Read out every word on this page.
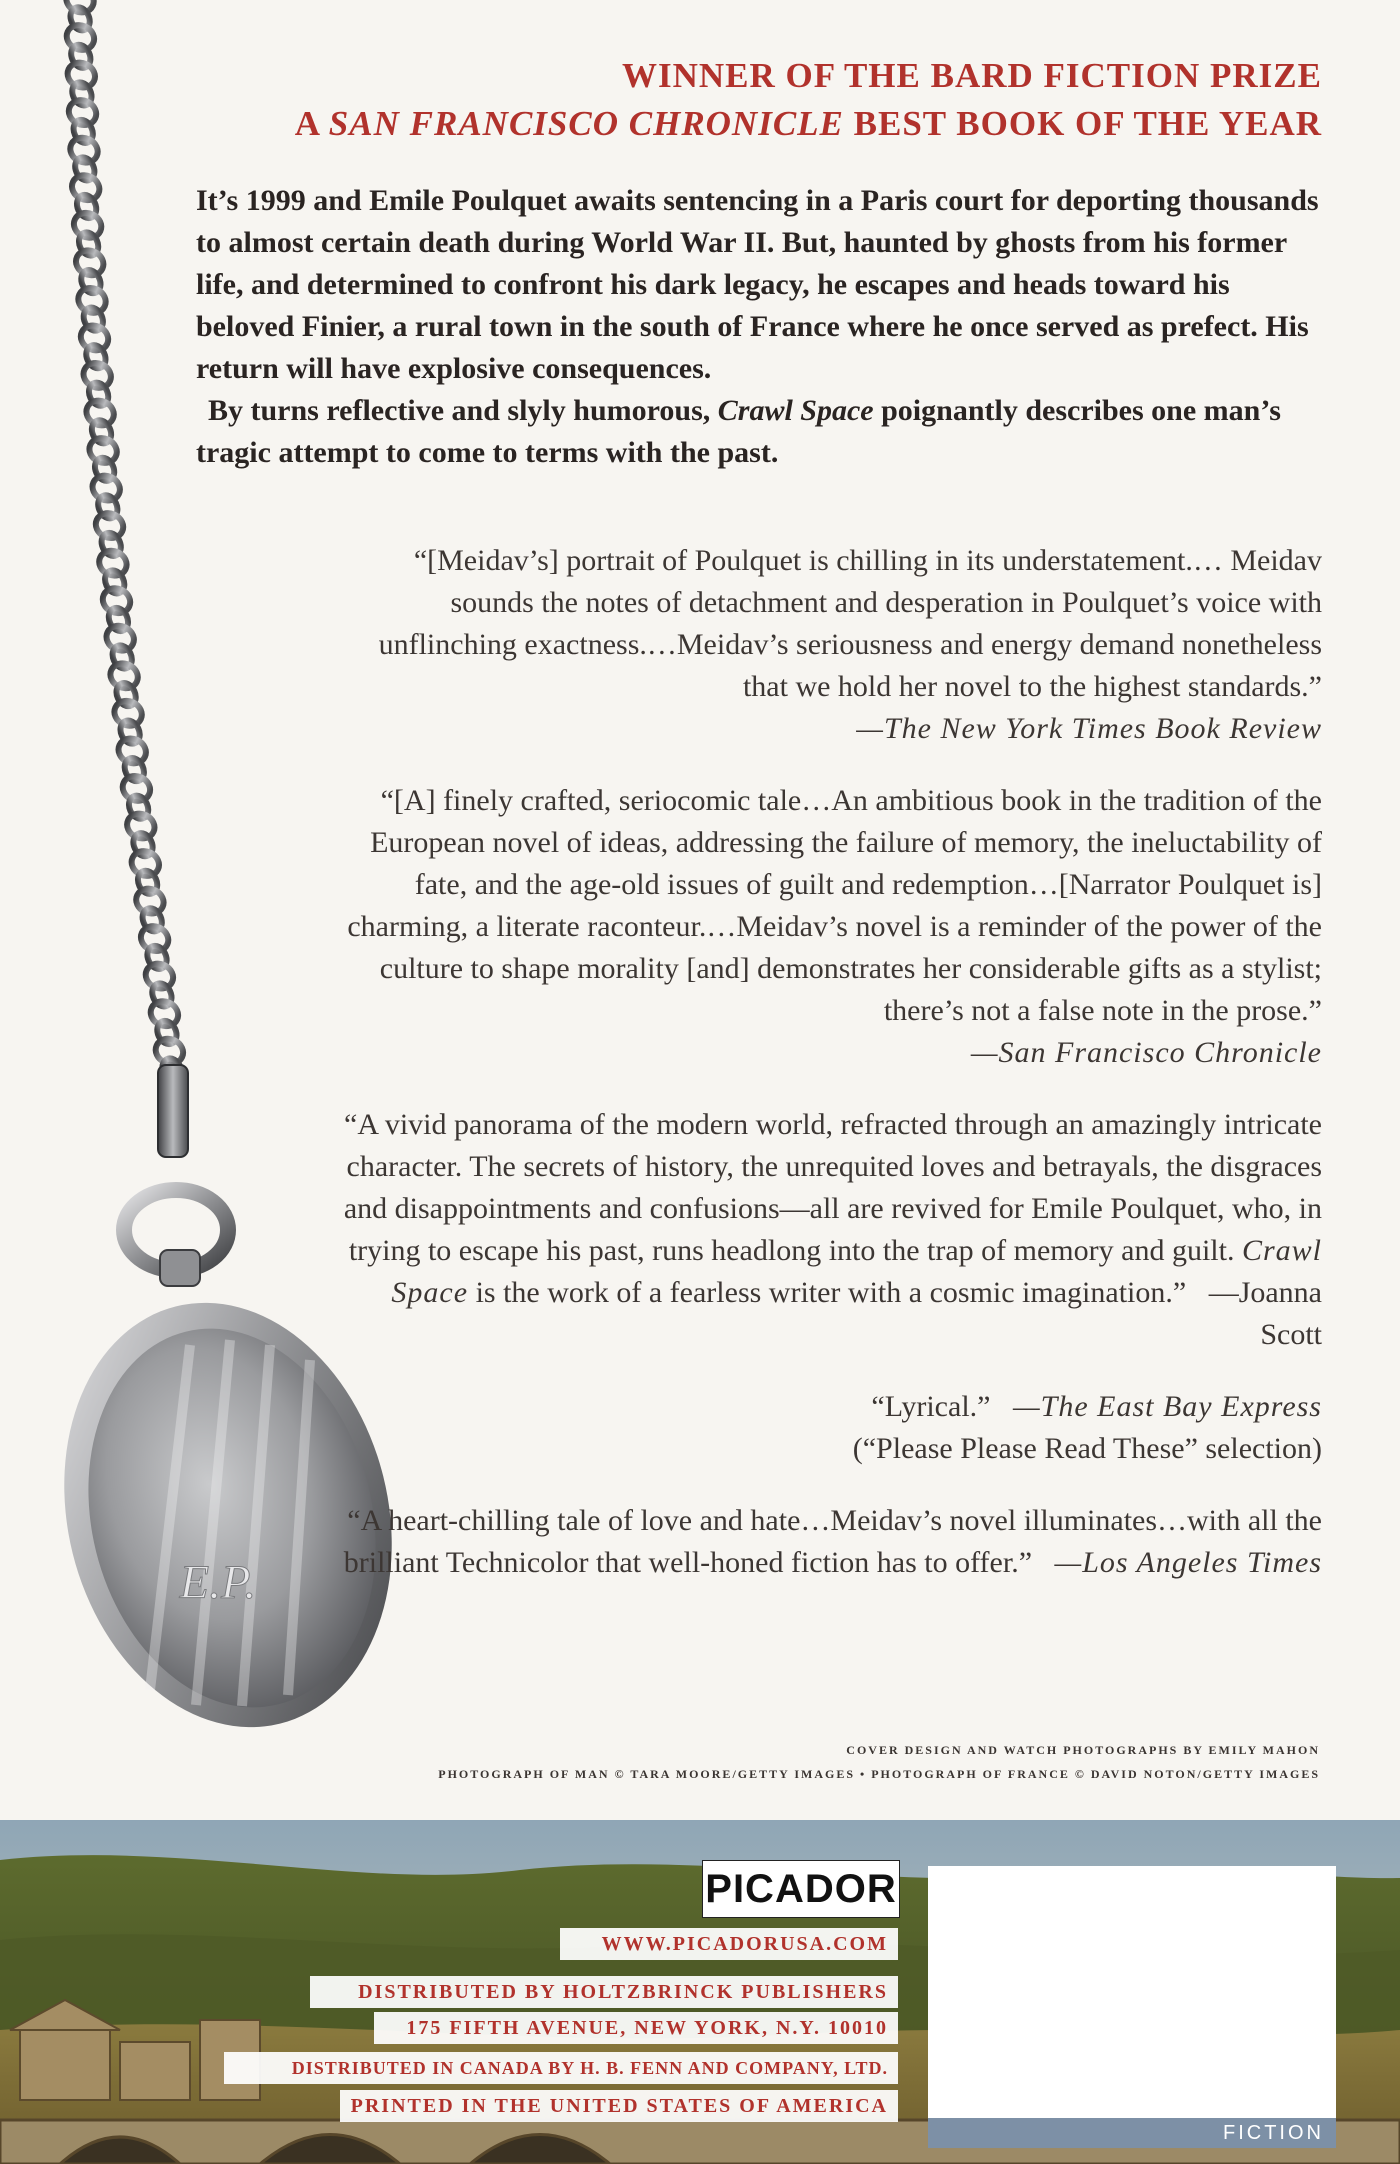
E.P.
WINNER OF THE BARD FICTION PRIZE
A SAN FRANCISCO CHRONICLE BEST BOOK OF THE YEAR

It’s 1999 and Emile Poulquet awaits sentencing in a Paris court for deporting thousands to almost certain death during World War II. But, haunted by ghosts from his former life, and determined to confront his dark legacy, he escapes and heads toward his beloved Finier, a rural town in the south of France where he once served as prefect. His return will have explosive consequences.

By turns reflective and slyly humorous, Crawl Space poignantly describes one man’s tragic attempt to come to terms with the past.

“[Meidav’s] portrait of Poulquet is chilling in its understatement.… Meidav sounds the notes of detachment and desperation in Poulquet’s voice with unflinching exactness.…Meidav’s seriousness and energy demand nonetheless that we hold her novel to the highest standards.”

—The New York Times Book Review

“[A] finely crafted, seriocomic tale…An ambitious book in the tradition of the European novel of ideas, addressing the failure of memory, the ineluctability of fate, and the age-old issues of guilt and redemption…[Narrator Poulquet is] charming, a literate raconteur.…Meidav’s novel is a reminder of the power of the culture to shape morality [and] demonstrates her considerable gifts as a stylist; there’s not a false note in the prose.”

—San Francisco Chronicle

“A vivid panorama of the modern world, refracted through an amazingly intricate character. The secrets of history, the unrequited loves and betrayals, the disgraces and disappointments and confusions—all are revived for Emile Poulquet, who, in trying to escape his past, runs headlong into the trap of memory and guilt. Crawl Space is the work of a fearless writer with a cosmic imagination.” —Joanna Scott

“Lyrical.” —The East Bay Express

(“Please Please Read These” selection)

“A heart-chilling tale of love and hate…Meidav’s novel illuminates…with all the brilliant Technicolor that well-honed fiction has to offer.” —Los Angeles Times

COVER DESIGN AND WATCH PHOTOGRAPHS BY EMILY MAHON
PHOTOGRAPH OF MAN © TARA MOORE/GETTY IMAGES • PHOTOGRAPH OF FRANCE © DAVID NOTON/GETTY IMAGES
PICADOR
WWW.PICADORUSA.COM
DISTRIBUTED BY HOLTZBRINCK PUBLISHERS
175 FIFTH AVENUE, NEW YORK, N.Y. 10010
DISTRIBUTED IN CANADA BY H. B. FENN AND COMPANY, LTD.
PRINTED IN THE UNITED STATES OF AMERICA
FICTION
